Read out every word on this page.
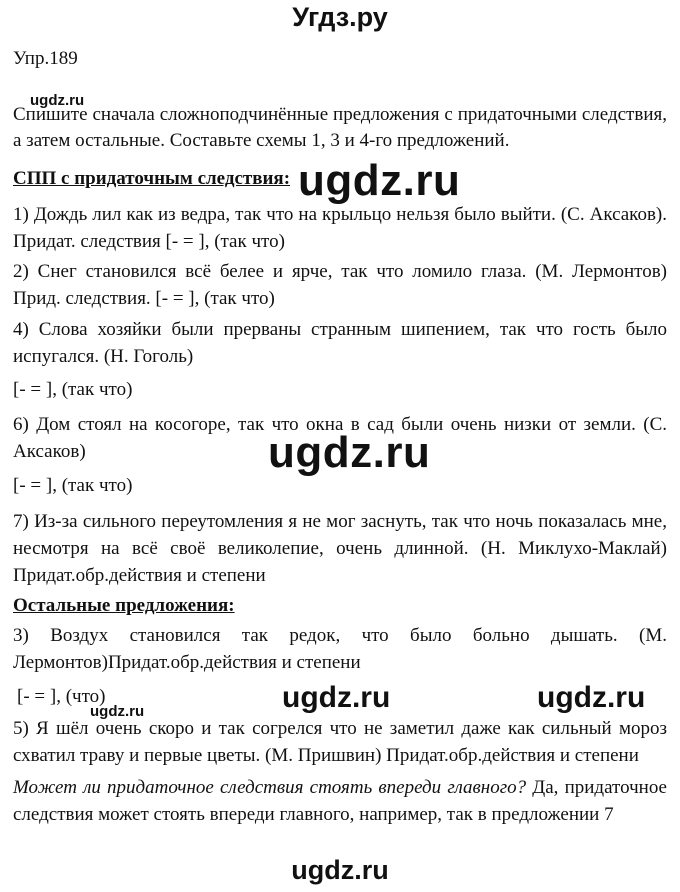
Угдз.ру
Упр.189
ugdz.ru
Спишите сначала сложноподчинённые предложения с придаточными следствия, а затем остальные. Составьте схемы 1, 3 и 4-го предложений.
СПП с придаточным следствия: ugdz.ru
1) Дождь лил как из ведра, так что на крыльцо нельзя было выйти. (С. Аксаков). Придат. следствия [- = ], (так что)
2) Снег становился всё белее и ярче, так что ломило глаза. (М. Лермонтов) Прид. следствия. [- = ], (так что)
4) Слова хозяйки были прерваны странным шипением, так что гость было испугался. (Н. Гоголь)
[- = ], (так что)
6) Дом стоял на косогоре, так что окна в сад были очень низки от земли. (С. Аксаков)	ugdz.ru
[- = ], (так что)
7) Из-за сильного переутомления я не мог заснуть, так что ночь показалась мне, несмотря на всё своё великолепие, очень длинной. (Н. Миклухо-Маклай) Придат.обр.действия и степени
Остальные предложения:
3) Воздух становился так редок, что было больно дышать. (М. Лермонтов)Придат.обр.действия и степени
[- = ], (что)	ugdz.ru	ugdz.ru
ugdz.ru
5) Я шёл очень скоро и так согрелся что не заметил даже как сильный мороз схватил траву и первые цветы. (М. Пришвин) Придат.обр.действия и степени
Может ли придаточное следствия стоять впереди главного? Да, придаточное следствия может стоять впереди главного, например, так в предложении 7
ugdz.ru
